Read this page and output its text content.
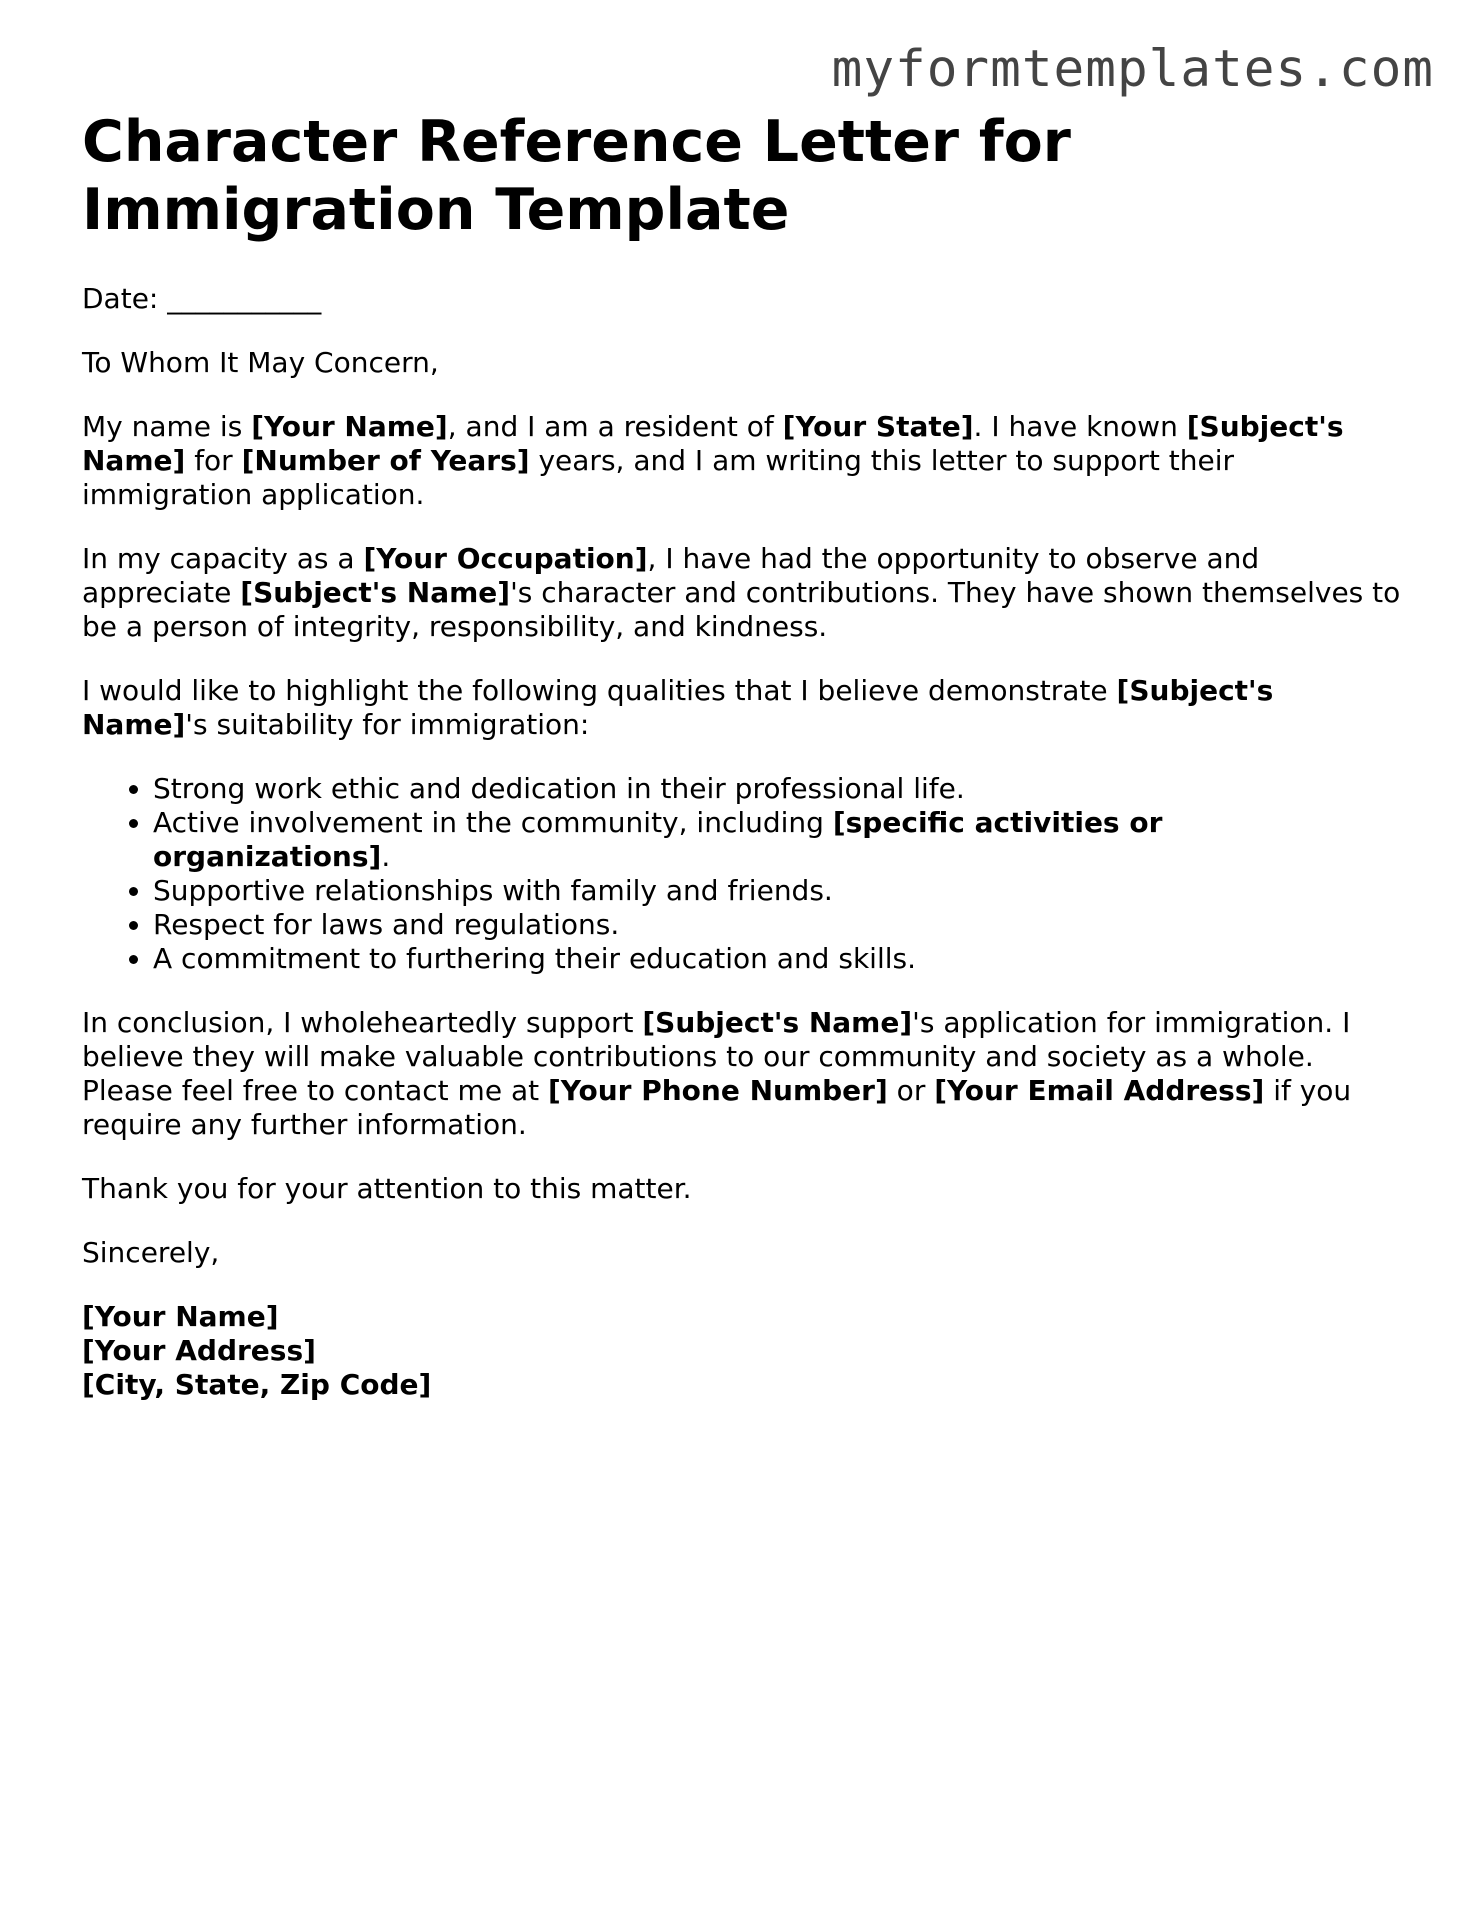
myformtemplates.com
Character Reference Letter for Immigration Template

Date: ___________

To Whom It May Concern,

My name is [Your Name], and I am a resident of [Your State]. I have known [Subject's Name] for [Number of Years] years, and I am writing this letter to support their immigration application.

In my capacity as a [Your Occupation], I have had the opportunity to observe and appreciate [Subject's Name]'s character and contributions. They have shown themselves to be a person of integrity, responsibility, and kindness.

I would like to highlight the following qualities that I believe demonstrate [Subject's Name]'s suitability for immigration:

• Strong work ethic and dedication in their professional life.
• Active involvement in the community, including [specific activities or organizations].
• Supportive relationships with family and friends.
• Respect for laws and regulations.
• A commitment to furthering their education and skills.

In conclusion, I wholeheartedly support [Subject's Name]'s application for immigration. I believe they will make valuable contributions to our community and society as a whole. Please feel free to contact me at [Your Phone Number] or [Your Email Address] if you require any further information.

Thank you for your attention to this matter.

Sincerely,

[Your Name]
[Your Address]
[City, State, Zip Code]
